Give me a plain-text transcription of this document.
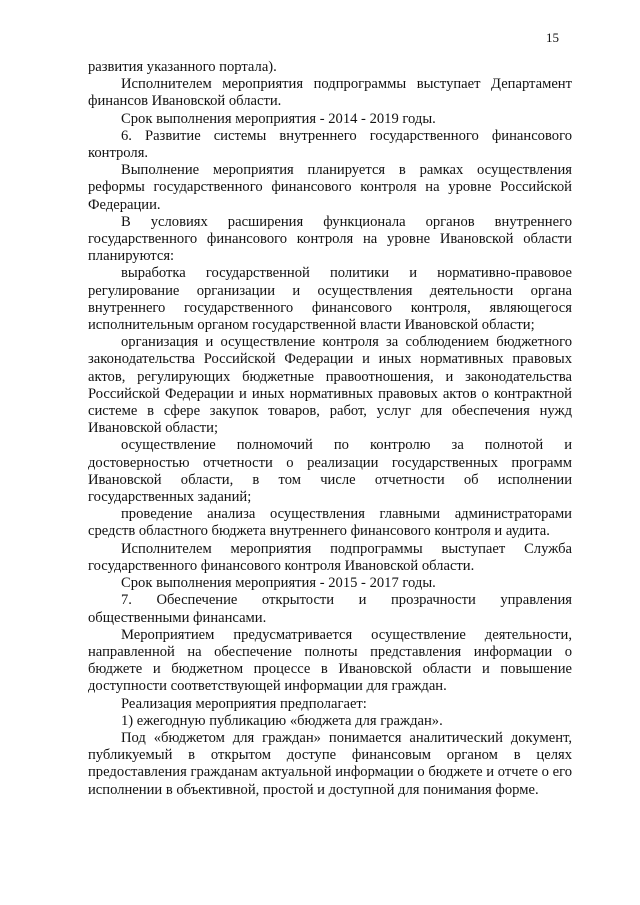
15

развития указанного портала).

Исполнителем мероприятия подпрограммы выступает Департамент финансов Ивановской области.

Срок выполнения мероприятия - 2014 - 2019 годы.

6. Развитие системы внутреннего государственного финансового контроля.

Выполнение мероприятия планируется в рамках осуществления реформы государственного финансового контроля на уровне Российской Федерации.

В условиях расширения функционала органов внутреннего государственного финансового контроля на уровне Ивановской области планируются:

выработка государственной политики и нормативно-правовое регулирование организации и осуществления деятельности органа внутреннего государственного финансового контроля, являющегося исполнительным органом государственной власти Ивановской области;

организация и осуществление контроля за соблюдением бюджетного законодательства Российской Федерации и иных нормативных правовых актов, регулирующих бюджетные правоотношения, и законодательства Российской Федерации и иных нормативных правовых актов о контрактной системе в сфере закупок товаров, работ, услуг для обеспечения нужд Ивановской области;

осуществление полномочий по контролю за полнотой и достоверностью отчетности о реализации государственных программ Ивановской области, в том числе отчетности об исполнении государственных заданий;

проведение анализа осуществления главными администраторами средств областного бюджета внутреннего финансового контроля и аудита.

Исполнителем мероприятия подпрограммы выступает Служба государственного финансового контроля Ивановской области.

Срок выполнения мероприятия - 2015 - 2017 годы.

7. Обеспечение открытости и прозрачности управления общественными финансами.

Мероприятием предусматривается осуществление деятельности, направленной на обеспечение полноты представления информации о бюджете и бюджетном процессе в Ивановской области и повышение доступности соответствующей информации для граждан.

Реализация мероприятия предполагает:

1) ежегодную публикацию «бюджета для граждан».

Под «бюджетом для граждан» понимается аналитический документ, публикуемый в открытом доступе финансовым органом в целях предоставления гражданам актуальной информации о бюджете и отчете о его исполнении в объективной, простой и доступной для понимания форме.
